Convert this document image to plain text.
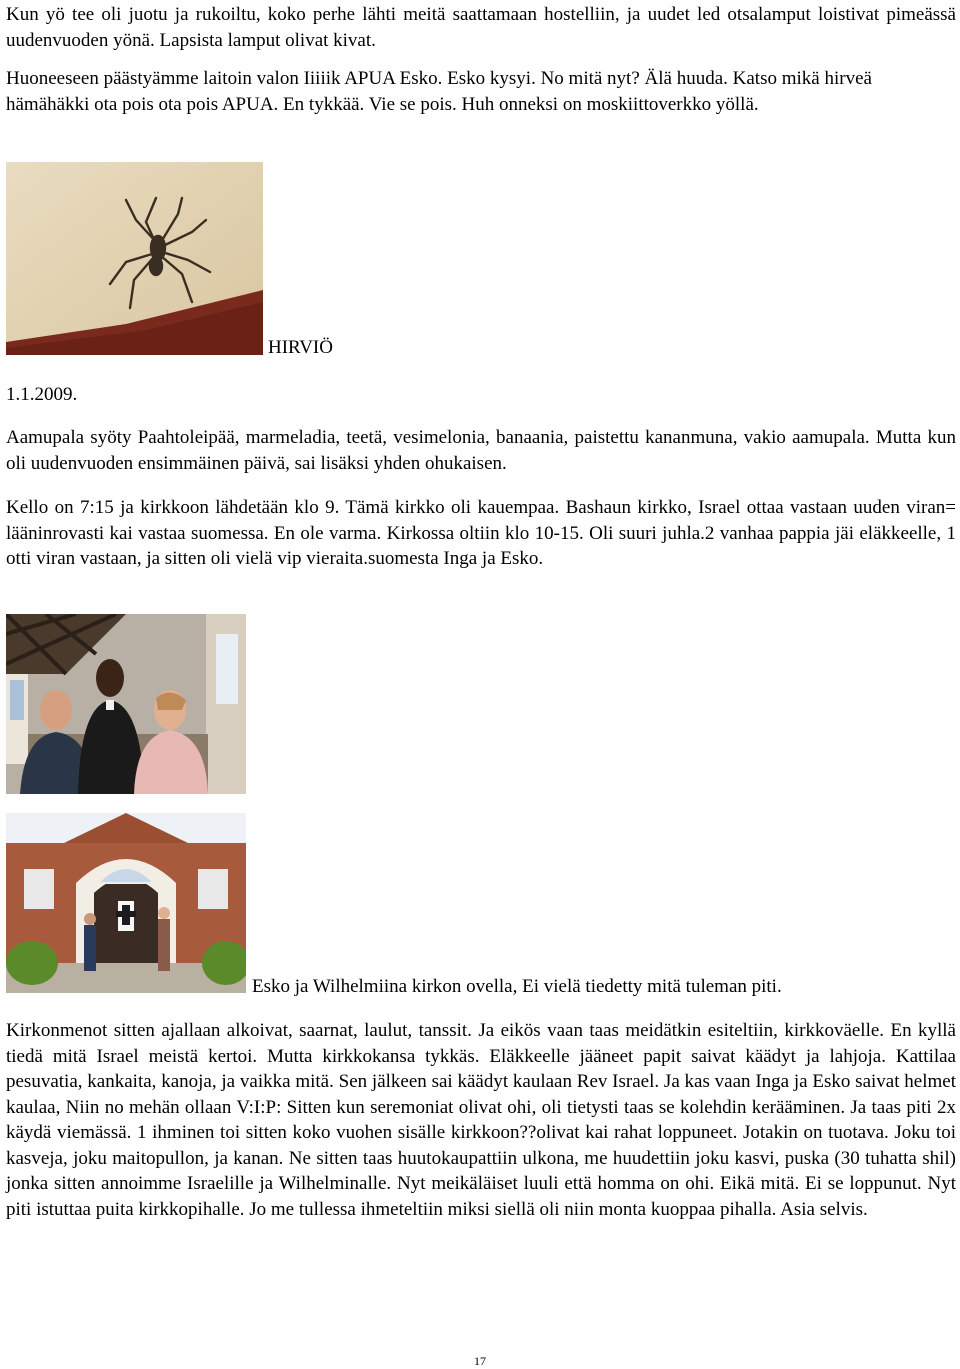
Kun yö tee oli juotu ja rukoiltu, koko perhe lähti meitä saattamaan hostelliin, ja uudet led otsalamput loistivat pimeässä uudenvuoden yönä. Lapsista lamput olivat kivat.

Huoneeseen päästyämme laitoin valon Iiiiik APUA Esko. Esko kysyi. No mitä nyt? Älä huuda. Katso mikä hirveä hämähäkki ota pois ota pois APUA. En tykkää. Vie se pois. Huh onneksi on moskiittoverkko yöllä.

HIRVIÖ
1.1.2009.

Aamupala syöty Paahtoleipää, marmeladia, teetä, vesimelonia, banaania, paistettu kananmuna, vakio aamupala. Mutta kun oli uudenvuoden ensimmäinen päivä, sai lisäksi yhden ohukaisen.

Kello on 7:15 ja kirkkoon lähdetään klo 9. Tämä kirkko oli kauempaa. Bashaun kirkko, Israel ottaa vastaan uuden viran= lääninrovasti kai vastaa suomessa. En ole varma. Kirkossa oltiin klo 10-15. Oli suuri juhla.2 vanhaa pappia jäi eläkkeelle, 1 otti viran vastaan, ja sitten oli vielä vip vieraita.suomesta Inga ja Esko.

Esko ja Wilhelmiina kirkon ovella, Ei vielä tiedetty mitä tuleman piti.

Kirkonmenot sitten ajallaan alkoivat, saarnat, laulut, tanssit. Ja eikös vaan taas meidätkin esiteltiin, kirkkoväelle. En kyllä tiedä mitä Israel meistä kertoi. Mutta kirkkokansa tykkäs. Eläkkeelle jääneet papit saivat käädyt ja lahjoja. Kattilaa pesuvatia, kankaita, kanoja, ja vaikka mitä. Sen jälkeen sai käädyt kaulaan Rev Israel. Ja kas vaan Inga ja Esko saivat helmet kaulaa, Niin no mehän ollaan V:I:P: Sitten kun seremoniat olivat ohi, oli tietysti taas se kolehdin kerääminen. Ja taas piti 2x käydä viemässä. 1 ihminen toi sitten koko vuohen sisälle kirkkoon??olivat kai rahat loppuneet. Jotakin on tuotava. Joku toi kasveja, joku maitopullon, ja kanan. Ne sitten taas huutokaupattiin ulkona, me huudettiin joku kasvi, puska (30 tuhatta shil) jonka sitten annoimme Israelille ja Wilhelminalle. Nyt meikäläiset luuli että homma on ohi. Eikä mitä. Ei se loppunut. Nyt piti istuttaa puita kirkkopihalle. Jo me tullessa ihmeteltiin miksi siellä oli niin monta kuoppaa pihalla. Asia selvis.

17
